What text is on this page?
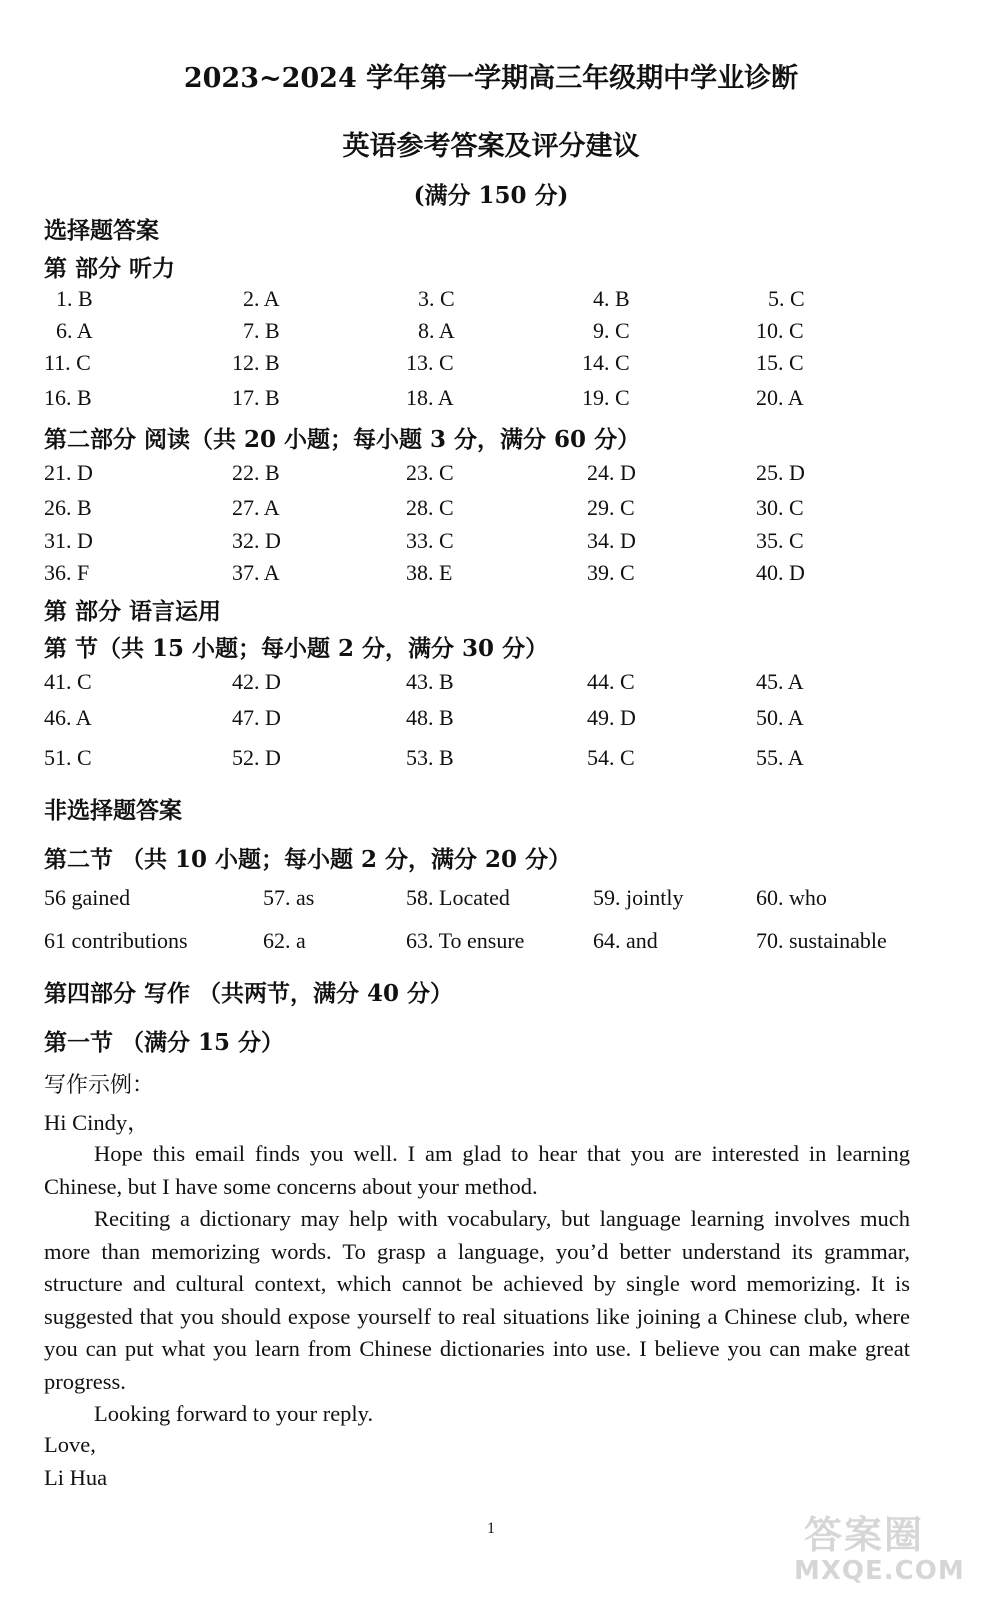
2023~2024 学年第一学期高三年级期中学业诊断
英语参考答案及评分建议
(满分 150 分)
选择题答案
第 部分 听力
1. B	2. A	3. C	4. B	5. C
6. A	7. B	8. A	9. C	10. C
11. C	12. B	13. C	14. C	15. C
16. B	17. B	18. A	19. C	20. A
第二部分 阅读（共 20 小题；每小题 3 分，满分 60 分）
21. D	22. B	23. C	24. D	25. D
26. B	27. A	28. C	29. C	30. C
31. D	32. D	33. C	34. D	35. C
36. F	37. A	38. E	39. C	40. D
第 部分 语言运用
第 节（共 15 小题；每小题 2 分，满分 30 分）
41. C	42. D	43. B	44. C	45. A
46. A	47. D	48. B	49. D	50. A
51. C	52. D	53. B	54. C	55. A
非选择题答案
第二节 （共 10 小题；每小题 2 分，满分 20 分）
56 gained	57. as	58. Located	59. jointly	60. who
61 contributions	62. a	63. To ensure	64. and	70. sustainable
第四部分 写作 （共两节，满分 40 分）
第一节 （满分 15 分）
写作示例：
Hi Cindy，
Hope this email finds you well. I am glad to hear that you are interested in learning Chinese, but I have some concerns about your method.
Reciting a dictionary may help with vocabulary, but language learning involves much more than memorizing words. To grasp a language, you’d better understand its grammar, structure and cultural context, which cannot be achieved by single word memorizing. It is suggested that you should expose yourself to real situations like joining a Chinese club, where you can put what you learn from Chinese dictionaries into use. I believe you can make great progress.
Looking forward to your reply.
Love,
Li Hua
1	答案圈
MXQE.COM
